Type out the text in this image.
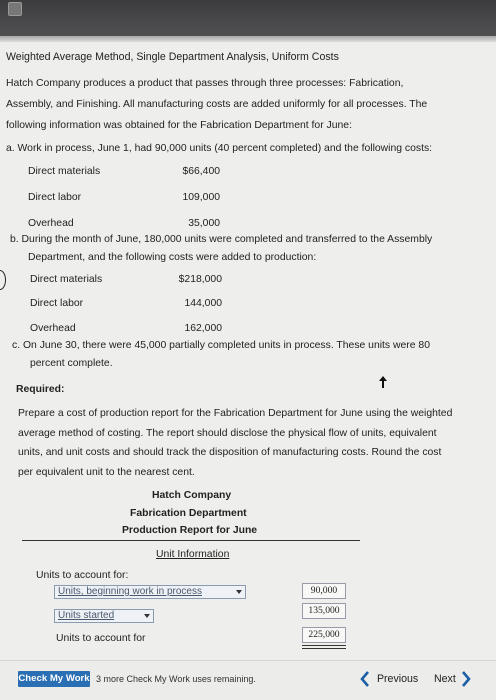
Weighted Average Method, Single Department Analysis, Uniform Costs
Hatch Company produces a product that passes through three processes: Fabrication,
Assembly, and Finishing. All manufacturing costs are added uniformly for all processes. The
following information was obtained for the Fabrication Department for June:
a. Work in process, June 1, had 90,000 units (40 percent completed) and the following costs:
Direct materials	$66,400
Direct labor	109,000
Overhead	35,000
b. During the month of June, 180,000 units were completed and transferred to the Assembly
Department, and the following costs were added to production:
Direct materials	$218,000
Direct labor	144,000
Overhead	162,000
c. On June 30, there were 45,000 partially completed units in process. These units were 80
percent complete.
Required:
Prepare a cost of production report for the Fabrication Department for June using the weighted
average method of costing. The report should disclose the physical flow of units, equivalent
units, and unit costs and should track the disposition of manufacturing costs. Round the cost
per equivalent unit to the nearest cent.
Hatch Company
Fabrication Department
Production Report for June
Unit Information
Units to account for:
Units, beginning work in process	90,000
Units started	135,000
Units to account for	225,000
Check My Work 3 more Check My Work uses remaining.	Previous	Next
